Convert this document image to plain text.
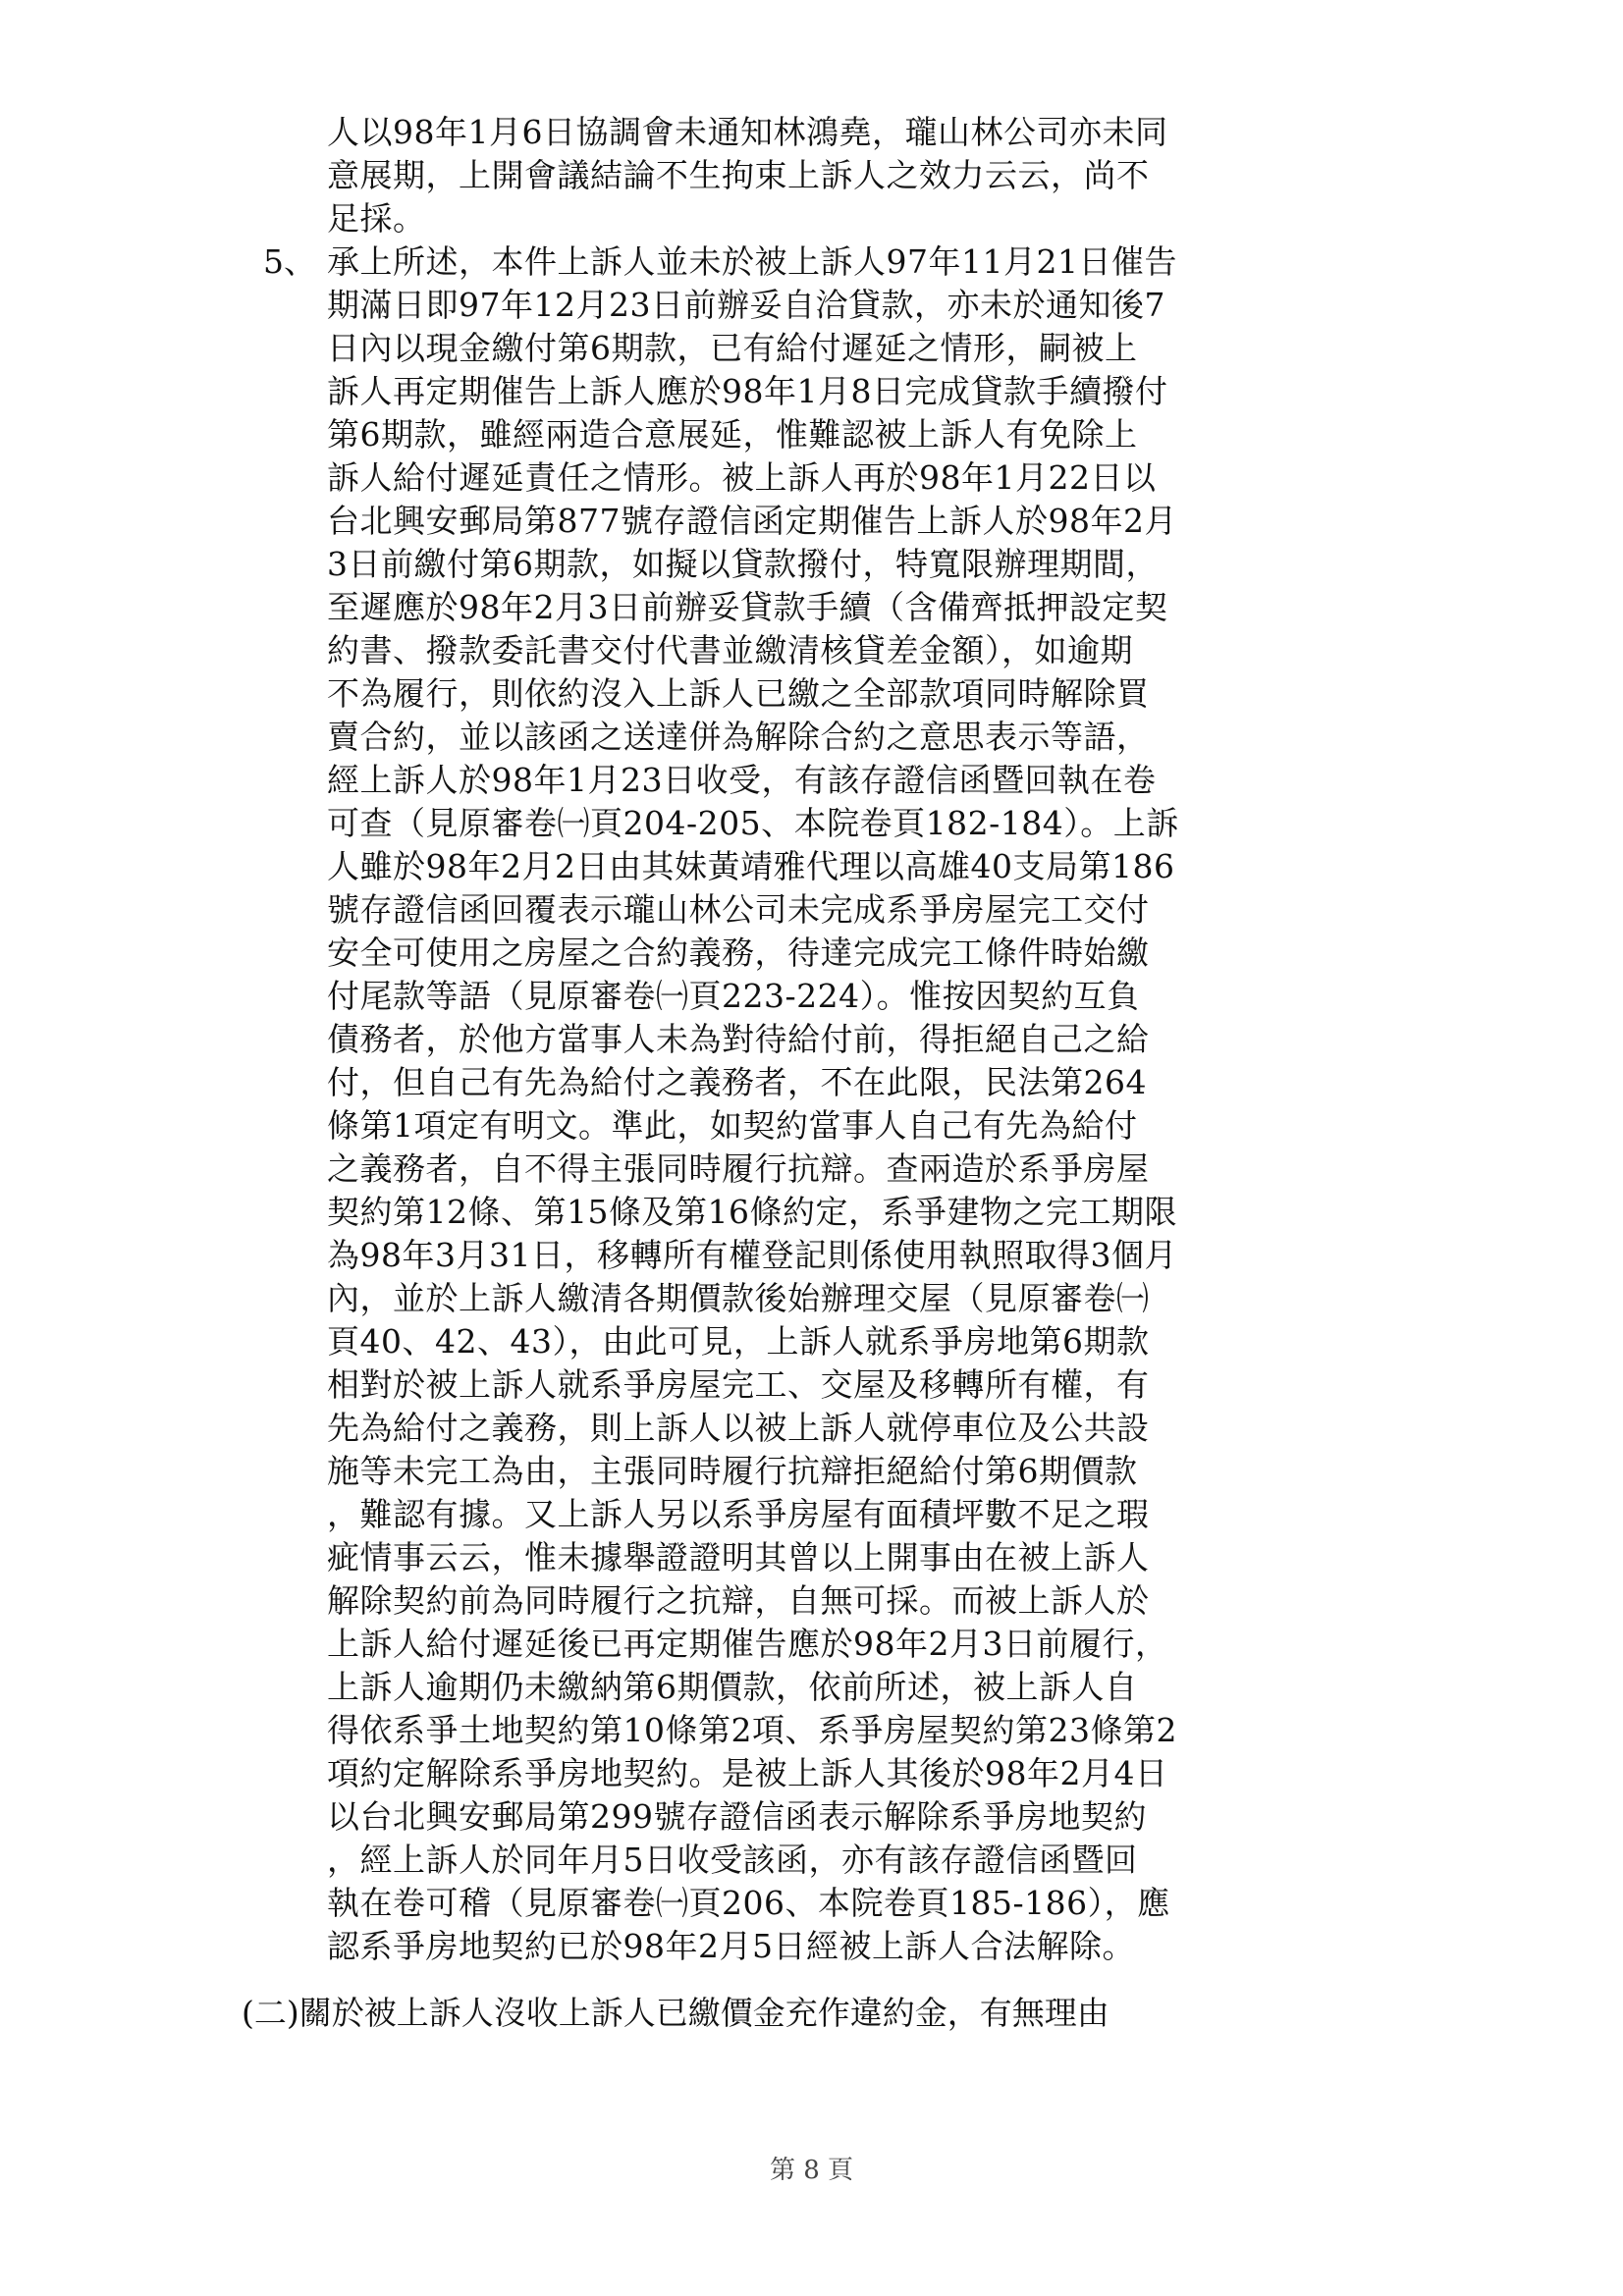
人以98年1月6日協調會未通知林鴻堯，瓏山林公司亦未同
意展期，上開會議結論不生拘束上訴人之效力云云，尚不
足採。
5、 承上所述，本件上訴人並未於被上訴人97年11月21日催告
期滿日即97年12月23日前辦妥自洽貸款，亦未於通知後7
日內以現金繳付第6期款，已有給付遲延之情形，嗣被上
訴人再定期催告上訴人應於98年1月8日完成貸款手續撥付
第6期款，雖經兩造合意展延，惟難認被上訴人有免除上
訴人給付遲延責任之情形。被上訴人再於98年1月22日以
台北興安郵局第877號存證信函定期催告上訴人於98年2月
3日前繳付第6期款，如擬以貸款撥付，特寬限辦理期間，
至遲應於98年2月3日前辦妥貸款手續（含備齊抵押設定契
約書、撥款委託書交付代書並繳清核貸差金額），如逾期
不為履行，則依約沒入上訴人已繳之全部款項同時解除買
賣合約，並以該函之送達併為解除合約之意思表示等語，
經上訴人於98年1月23日收受，有該存證信函暨回執在卷
可查（見原審卷㈠頁204-205、本院卷頁182-184）。上訴
人雖於98年2月2日由其妹黃靖雅代理以高雄40支局第186
號存證信函回覆表示瓏山林公司未完成系爭房屋完工交付
安全可使用之房屋之合約義務，待達完成完工條件時始繳
付尾款等語（見原審卷㈠頁223-224）。惟按因契約互負
債務者，於他方當事人未為對待給付前，得拒絕自己之給
付，但自己有先為給付之義務者，不在此限，民法第264
條第1項定有明文。準此，如契約當事人自己有先為給付
之義務者，自不得主張同時履行抗辯。查兩造於系爭房屋
契約第12條、第15條及第16條約定，系爭建物之完工期限
為98年3月31日，移轉所有權登記則係使用執照取得3個月
內，並於上訴人繳清各期價款後始辦理交屋（見原審卷㈠
頁40、42、43），由此可見，上訴人就系爭房地第6期款
相對於被上訴人就系爭房屋完工、交屋及移轉所有權，有
先為給付之義務，則上訴人以被上訴人就停車位及公共設
施等未完工為由，主張同時履行抗辯拒絕給付第6期價款
，難認有據。又上訴人另以系爭房屋有面積坪數不足之瑕
疵情事云云，惟未據舉證證明其曾以上開事由在被上訴人
解除契約前為同時履行之抗辯，自無可採。而被上訴人於
上訴人給付遲延後已再定期催告應於98年2月3日前履行，
上訴人逾期仍未繳納第6期價款，依前所述，被上訴人自
得依系爭土地契約第10條第2項、系爭房屋契約第23條第2
項約定解除系爭房地契約。是被上訴人其後於98年2月4日
以台北興安郵局第299號存證信函表示解除系爭房地契約
，經上訴人於同年月5日收受該函，亦有該存證信函暨回
執在卷可稽（見原審卷㈠頁206、本院卷頁185-186），應
認系爭房地契約已於98年2月5日經被上訴人合法解除。
(二)關於被上訴人沒收上訴人已繳價金充作違約金，有無理由
第 8 頁
